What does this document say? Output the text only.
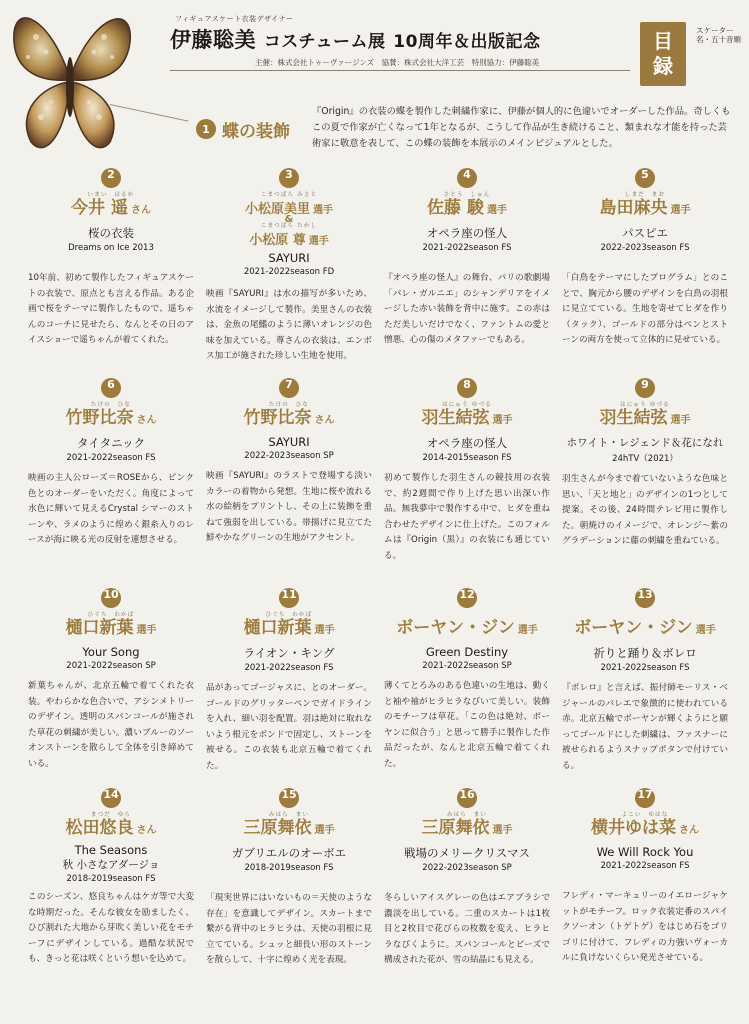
フィギュアスケート衣装デザイナー
伊藤聡美 コスチューム展 10周年＆出版記念
主催：株式会社トゥーヴァージンズ　協賛：株式会社大洋工芸　特別協力：伊藤聡美
目
録
スケーター名・五十音順
1 蝶の装飾
『Origin』の衣装の蝶を製作した刺繍作家に、伊藤が個人的に色違いでオーダーした作品。奇しくもこの夏で作家が亡くなって1年となるが、こうして作品が生き続けること、類まれな才能を持った芸術家に敬意を表して、この蝶の装飾を本展示のメインビジュアルとした。
2
いまい　はるか
今井 遥 さん
桜の衣装
Dreams on Ice 2013
10年前、初めて製作したフィギュアスケートの衣装で、原点とも言える作品。ある企画で桜をテーマに製作したもので、遥ちゃんのコーチに見せたら、なんとその日のアイスショーで遥ちゃんが着てくれた。
3
こまつばら みさと
小松原美里 選手
&
こまつばら たかし
小松原 尊 選手
SAYURI
2021-2022season FD
映画『SAYURI』は水の描写が多いため、水流をイメージして製作。美里さんの衣装は、金魚の尾鰭のように薄いオレンジの色味を加えている。尊さんの衣装は、エンボス加工が施された珍しい生地を使用。
4
さとう　しゅん
佐藤 駿 選手
オペラ座の怪人
2021-2022season FS
『オペラ座の怪人』の舞台、パリの歌劇場「パレ・ガルニエ」のシャンデリアをイメージした赤い装飾を背中に施す。この赤はただ美しいだけでなく、ファントムの愛と憎悪、心の傷のメタファーでもある。
5
しまだ　まお
島田麻央 選手
パスピエ
2022-2023season FS
「白鳥をテーマにしたプログラム」とのことで、胸元から腰のデザインを白鳥の羽根に見立てている。生地を寄せてヒダを作り（タック）、ゴールドの部分はペンとストーンの両方を使って立体的に見せている。
6
たけの　ひな
竹野比奈 さん
タイタニック
2021-2022season FS
映画の主人公ローズ＝ROSEから、ピンク色とのオーダーをいただく。角度によって水色に輝いて見えるCrystal シマーのストーンや、ラメのように煌めく銀糸入りのレースが海に映る光の反射を連想させる。
7
たけの　ひな
竹野比奈 さん
SAYURI
2022-2023season SP
映画『SAYURI』のラストで登場する淡いカラーの着物から発想。生地に桜や流れる水の絵柄をプリントし、その上に装飾を重ねて強弱を出している。帯揚げに見立てた鮮やかなグリーンの生地がアクセント。
8
はにゅう ゆづる
羽生結弦 選手
オペラ座の怪人
2014-2015season FS
初めて製作した羽生さんの競技用の衣装で、約2週間で作り上げた思い出深い作品。無我夢中で製作する中で、ヒダを重ね合わせたデザインに仕上げた。このフォルムは『Origin（黒）』の衣装にも通じている。
9
はにゅう ゆづる
羽生結弦 選手
ホワイト・レジェンド＆花になれ
24hTV（2021）
羽生さんが今まで着ていないような色味と思い、「天と地と」のデザインの1つとして提案。その後、24時間テレビ用に製作した。朝焼けのイメージで、オレンジ〜紫のグラデーションに藤の刺繍を重ねている。
10
ひぐち　わかば
樋口新葉 選手
Your Song
2021-2022season SP
新葉ちゃんが、北京五輪で着てくれた衣装。やわらかな色合いで、アシンメトリーのデザイン。透明のスパンコールが施された草花の刺繍が美しい。濃いブルーのソーオンストーンを散らして全体を引き締めている。
11
ひぐち　わかば
樋口新葉 選手
ライオン・キング
2021-2022season FS
品があってゴージャスに、とのオーダー。ゴールドのグリッターペンでガイドラインを入れ、細い羽を配置。羽は絶対に取れないよう根元をボンドで固定し、ストーンを被せる。この衣装も北京五輪で着てくれた。
12
ボーヤン・ジン 選手
Green Destiny
2021-2022season SP
薄くてとろみのある色違いの生地は、動くと袖や袖がヒラヒラなびいて美しい。装飾のモチーフは草花。「この色は絶対、ボーヤンに似合う」と思って勝手に製作した作品だったが、なんと北京五輪で着てくれた。
13
ボーヤン・ジン 選手
祈りと踊り＆ボレロ
2021-2022season FS
『ボレロ』と言えば、振付師モーリス・ベジャールのバレエで象徴的に使われている赤。北京五輪でボーヤンが輝くようにと願ってゴールドにした刺繍は、ファスナーに被せられるようスナップボタンで付けている。
14
まつだ　ゆら
松田悠良 さん
The Seasons
秋 小さなアダージョ
2018-2019season FS
このシーズン、悠良ちゃんはケガ等で大変な時期だった。そんな彼女を励ましたく、ひび割れた大地から芽吹く美しい花をモチーフにデザインしている。過酷な状況でも、きっと花は咲くという想いを込めて。
15
みはら　まい
三原舞依 選手
ガブリエルのオーボエ
2018-2019season FS
「現実世界にはいないもの＝天使のような存在」を意識してデザイン。スカートまで繋がる背中のヒラヒラは、天使の羽根に見立てている。シュッと細長い形のストーンを散らして、十字に煌めく光を表現。
16
みはら　まい
三原舞依 選手
戦場のメリークリスマス
2022-2023season SP
冬らしいアイスグレーの色はエアブラシで濃淡を出している。二重のスカートは1枚目と2枚目で花びらの枚数を変え、ヒラヒラなびくように。スパンコールとビーズで構成された花が、雪の結晶にも見える。
17
よこい　ゆはな
横井ゆは菜 さん
We Will Rock You
2021-2022season FS
フレディ・マーキュリーのイエロージャケットがモチーフ。ロック衣装定番のスパイクソーオン（トゲトゲ）をはじめ石をゴリゴリに付けて、フレディの力強いヴォーカルに負けないくらい発光させている。
